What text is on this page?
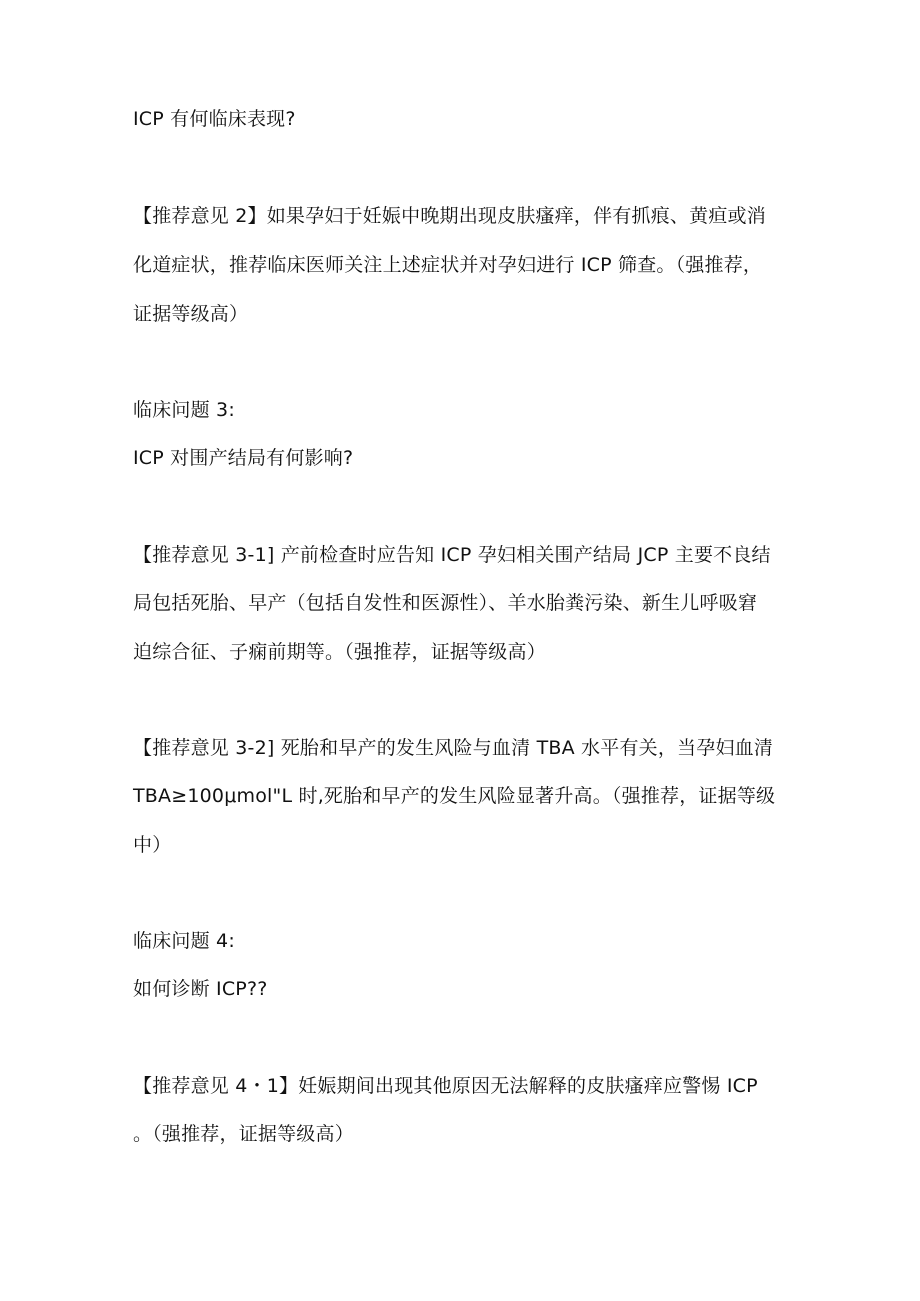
ICP 有何临床表现?
【推荐意见 2】如果孕妇于妊娠中晚期出现皮肤瘙痒，伴有抓痕、黄疸或消
化道症状，推荐临床医师关注上述症状并对孕妇进行 ICP 筛查。（强推荐，
证据等级高）
临床问题 3:
ICP 对围产结局有何影响?
【推荐意见 3-1] 产前检查时应告知 ICP 孕妇相关围产结局 JCP 主要不良结
局包括死胎、早产（包括自发性和医源性）、羊水胎粪污染、新生儿呼吸窘
迫综合征、子痫前期等。（强推荐，证据等级高）
【推荐意见 3-2] 死胎和早产的发生风险与血清 TBA 水平有关，当孕妇血清
TBA≥100μmol"L 时,死胎和早产的发生风险显著升高。（强推荐，证据等级
中）
临床问题 4:
如何诊断 ICP??
【推荐意见 4・1】妊娠期间出现其他原因无法解释的皮肤瘙痒应警惕 ICP
。（强推荐，证据等级高）
